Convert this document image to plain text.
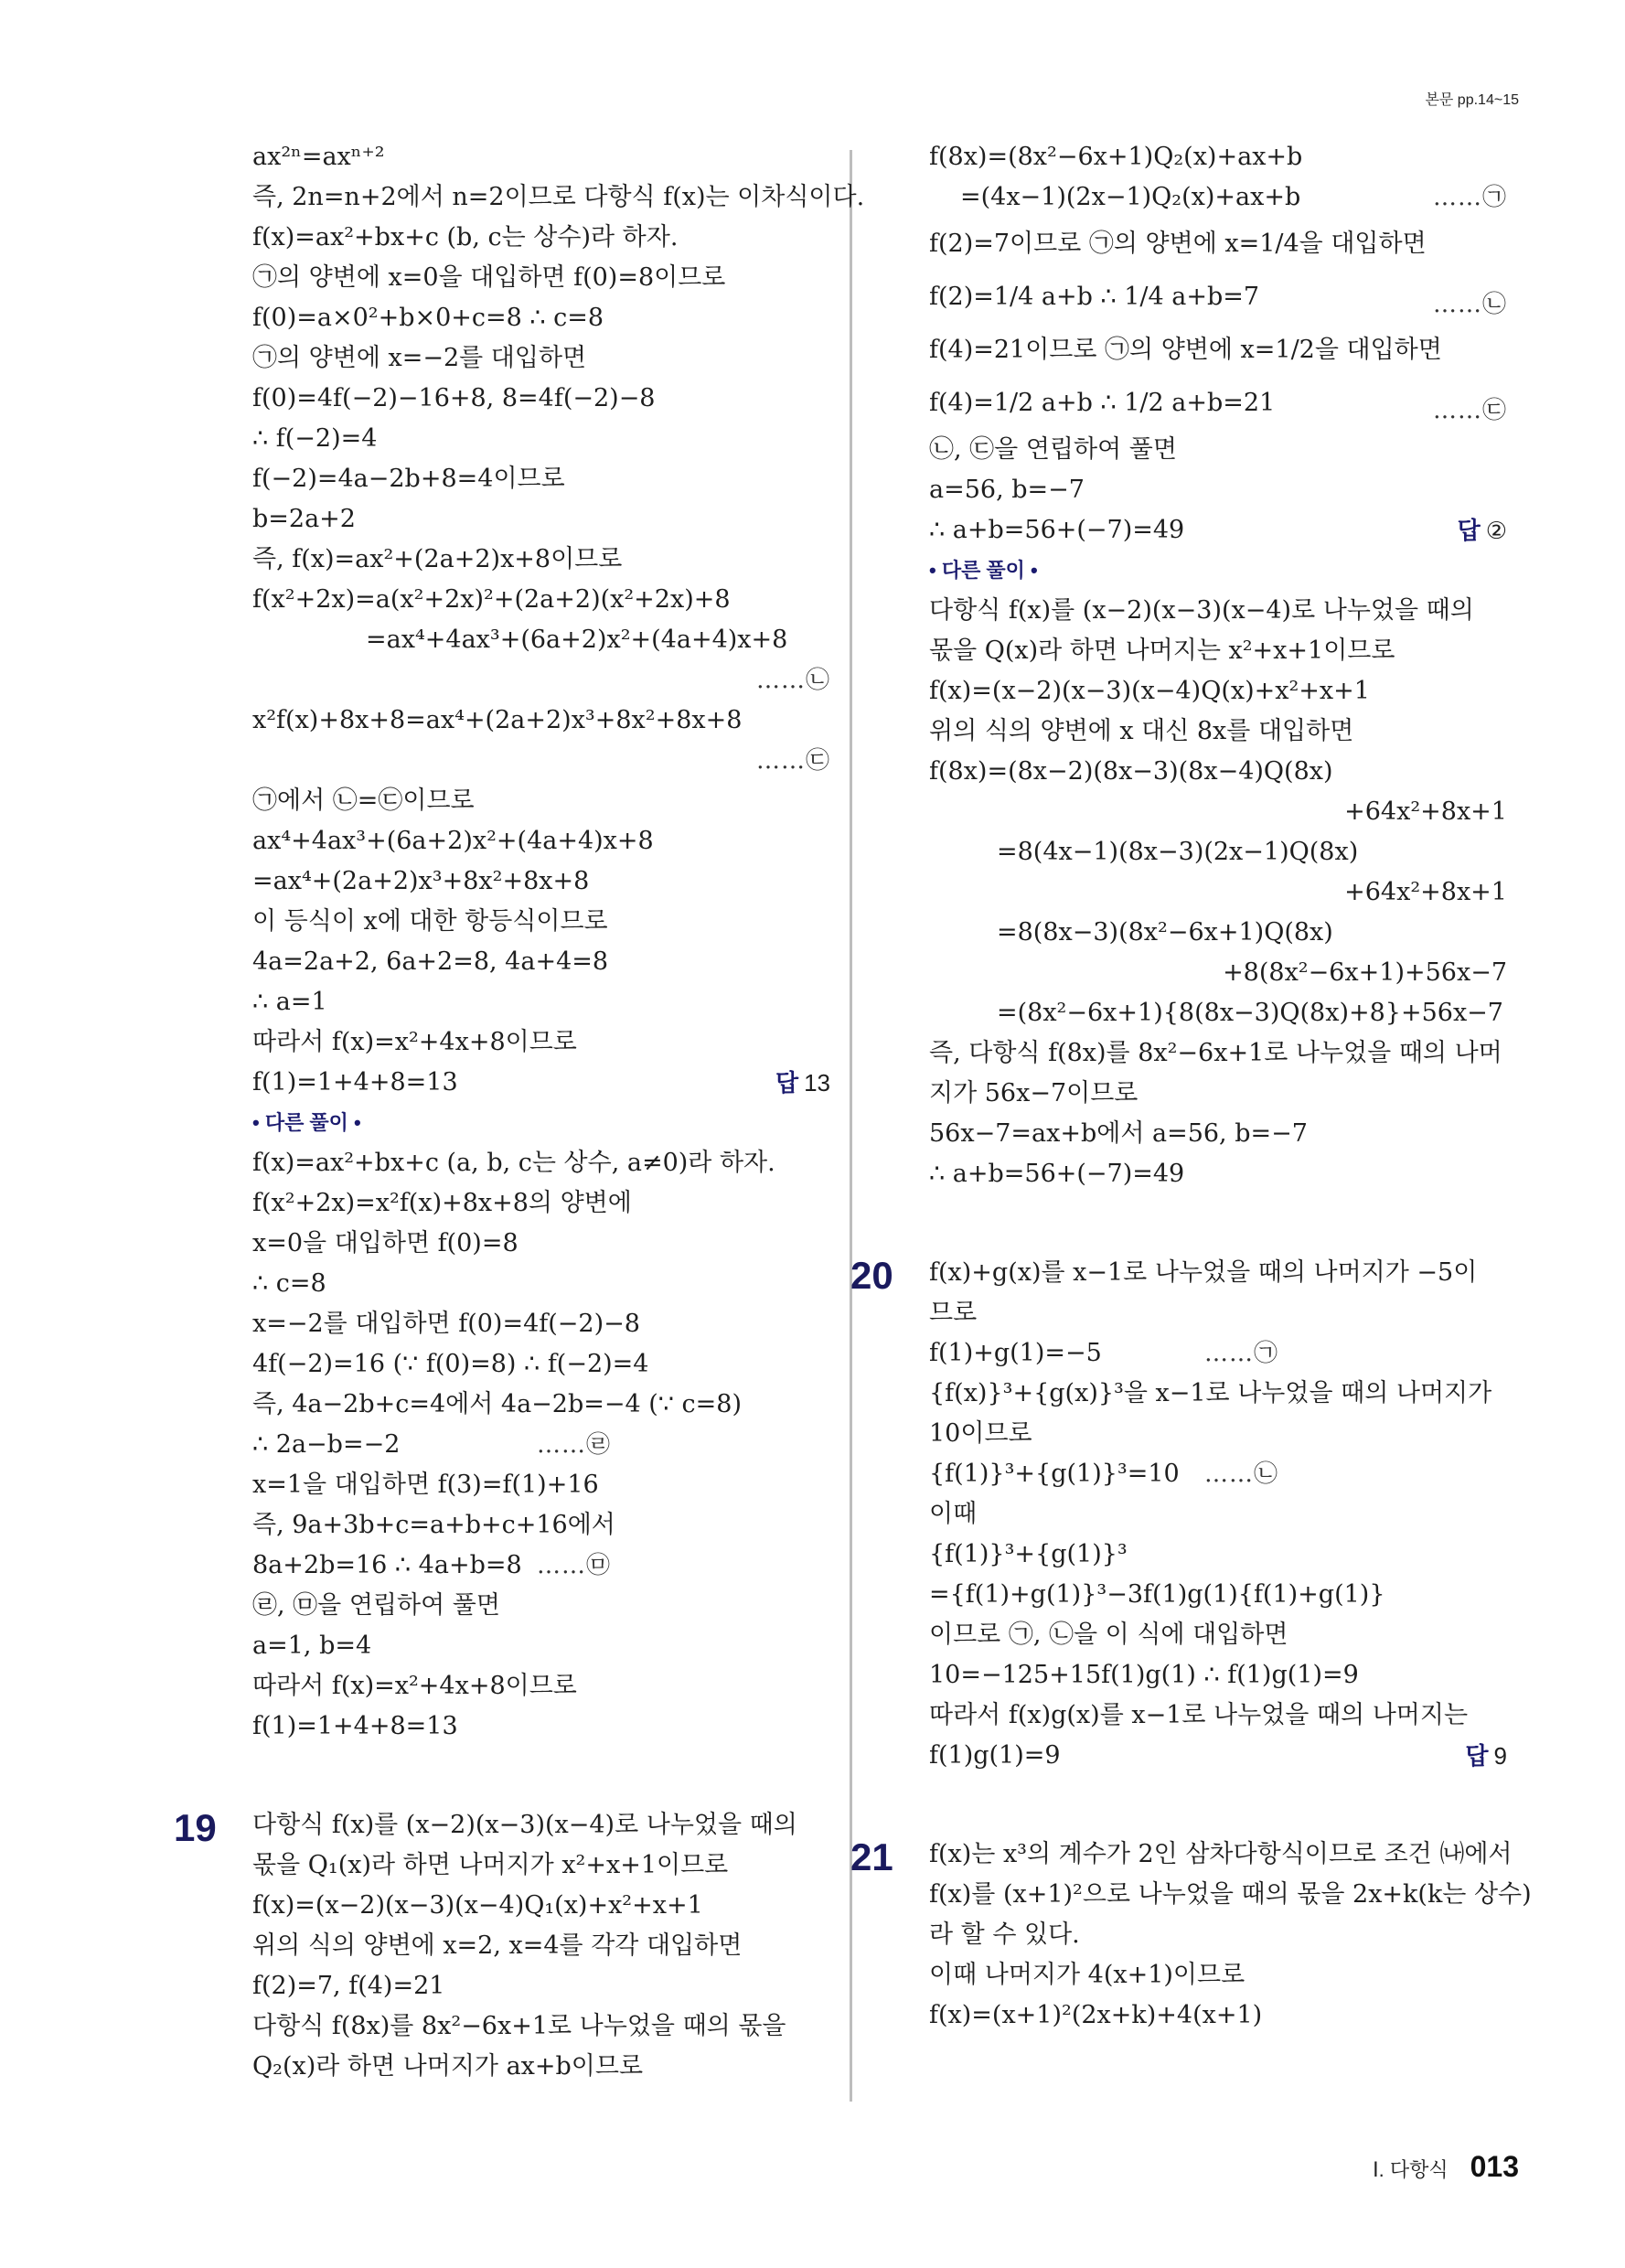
본문 pp.14~15
ax²ⁿ=axⁿ⁺²
즉, 2n=n+2에서 n=2이므로 다항식 f(x)는 이차식이다.
f(x)=ax²+bx+c (b, c는 상수)라 하자.
㉠의 양변에 x=0을 대입하면 f(0)=8이므로
f(0)=a×0²+b×0+c=8 ∴ c=8
㉠의 양변에 x=−2를 대입하면
f(0)=4f(−2)−16+8, 8=4f(−2)−8
∴ f(−2)=4
f(−2)=4a−2b+8=4이므로
b=2a+2
즉, f(x)=ax²+(2a+2)x+8이므로
f(x²+2x)=a(x²+2x)²+(2a+2)(x²+2x)+8
=ax⁴+4ax³+(6a+2)x²+(4a+4)x+8
……㉡
x²f(x)+8x+8=ax⁴+(2a+2)x³+8x²+8x+8
……㉢
㉠에서 ㉡=㉢이므로
ax⁴+4ax³+(6a+2)x²+(4a+4)x+8
=ax⁴+(2a+2)x³+8x²+8x+8
이 등식이 x에 대한 항등식이므로
4a=2a+2, 6a+2=8, 4a+4=8
∴ a=1
따라서 f(x)=x²+4x+8이므로
f(1)=1+4+8=13	답 13
• 다른 풀이 •
f(x)=ax²+bx+c (a, b, c는 상수, a≠0)라 하자.
f(x²+2x)=x²f(x)+8x+8의 양변에
x=0을 대입하면 f(0)=8
∴ c=8
x=−2를 대입하면 f(0)=4f(−2)−8
4f(−2)=16 (∵ f(0)=8) ∴ f(−2)=4
즉, 4a−2b+c=4에서 4a−2b=−4 (∵ c=8)
∴ 2a−b=−2	……㉣
x=1을 대입하면 f(3)=f(1)+16
즉, 9a+3b+c=a+b+c+16에서
8a+2b=16 ∴ 4a+b=8 ……㉤
㉣, ㉤을 연립하여 풀면
a=1, b=4
따라서 f(x)=x²+4x+8이므로
f(1)=1+4+8=13
19	다항식 f(x)를 (x−2)(x−3)(x−4)로 나누었을 때의
몫을 Q₁(x)라 하면 나머지가 x²+x+1이므로
f(x)=(x−2)(x−3)(x−4)Q₁(x)+x²+x+1
위의 식의 양변에 x=2, x=4를 각각 대입하면
f(2)=7, f(4)=21
다항식 f(8x)를 8x²−6x+1로 나누었을 때의 몫을
Q₂(x)라 하면 나머지가 ax+b이므로
f(8x)=(8x²−6x+1)Q₂(x)+ax+b
=(4x−1)(2x−1)Q₂(x)+ax+b	……㉠
f(2)=7이므로 ㉠의 양변에 x=1/4을 대입하면
f(2)=1/4 a+b ∴ 1/4 a+b=7	……㉡
f(4)=21이므로 ㉠의 양변에 x=1/2을 대입하면
f(4)=1/2 a+b ∴ 1/2 a+b=21	……㉢
㉡, ㉢을 연립하여 풀면
a=56, b=−7
∴ a+b=56+(−7)=49	답 ②
• 다른 풀이 •
다항식 f(x)를 (x−2)(x−3)(x−4)로 나누었을 때의
몫을 Q(x)라 하면 나머지는 x²+x+1이므로
f(x)=(x−2)(x−3)(x−4)Q(x)+x²+x+1
위의 식의 양변에 x 대신 8x를 대입하면
f(8x)=(8x−2)(8x−3)(8x−4)Q(8x)
+64x²+8x+1
=8(4x−1)(8x−3)(2x−1)Q(8x)
+64x²+8x+1
=8(8x−3)(8x²−6x+1)Q(8x)
+8(8x²−6x+1)+56x−7
=(8x²−6x+1){8(8x−3)Q(8x)+8}+56x−7
즉, 다항식 f(8x)를 8x²−6x+1로 나누었을 때의 나머
지가 56x−7이므로
56x−7=ax+b에서 a=56, b=−7
∴ a+b=56+(−7)=49
20	f(x)+g(x)를 x−1로 나누었을 때의 나머지가 −5이
므로
f(1)+g(1)=−5	……㉠
{f(x)}³+{g(x)}³을 x−1로 나누었을 때의 나머지가
10이므로
{f(1)}³+{g(1)}³=10 ……㉡
이때
{f(1)}³+{g(1)}³
={f(1)+g(1)}³−3f(1)g(1){f(1)+g(1)}
이므로 ㉠, ㉡을 이 식에 대입하면
10=−125+15f(1)g(1) ∴ f(1)g(1)=9
따라서 f(x)g(x)를 x−1로 나누었을 때의 나머지는
f(1)g(1)=9	답 9
21	f(x)는 x³의 계수가 2인 삼차다항식이므로 조건 ㈏에서
f(x)를 (x+1)²으로 나누었을 때의 몫을 2x+k(k는 상수)
라 할 수 있다.
이때 나머지가 4(x+1)이므로
f(x)=(x+1)²(2x+k)+4(x+1)
Ⅰ. 다항식 013
